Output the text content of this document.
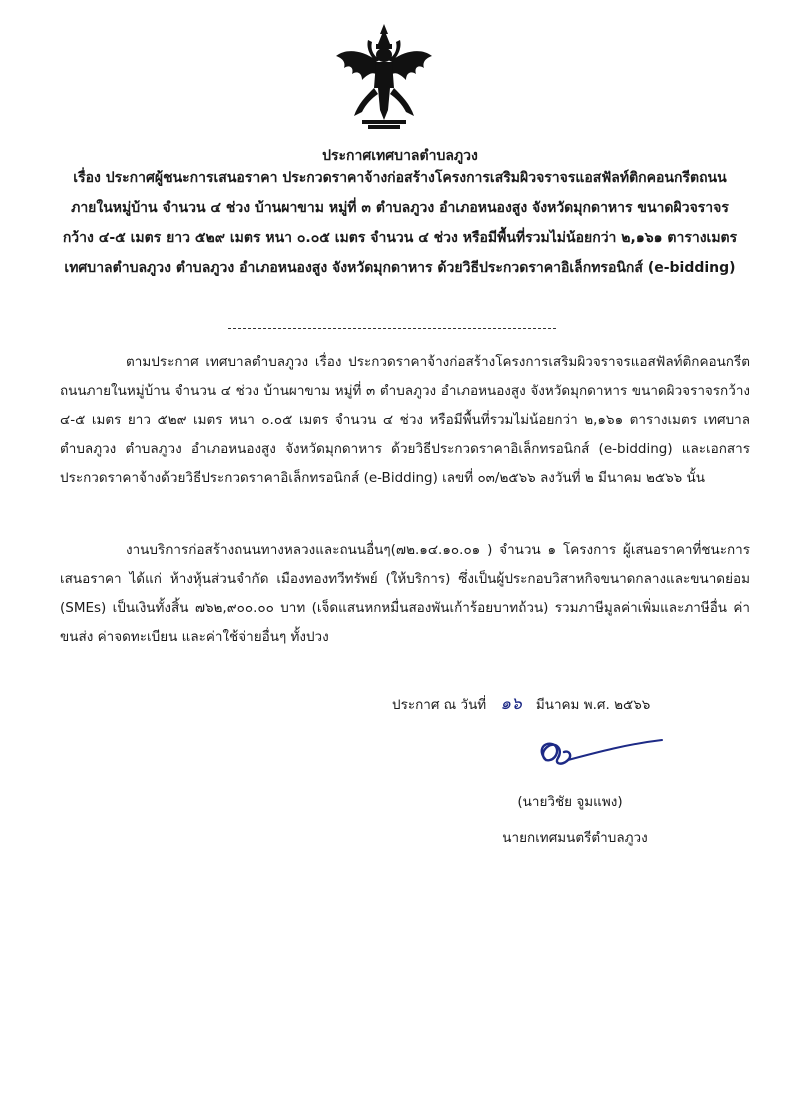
ประกาศเทศบาลตำบลภูวง
เรื่อง ประกาศผู้ชนะการเสนอราคา ประกวดราคาจ้างก่อสร้างโครงการเสริมผิวจราจรแอสฟัลท์ติกคอนกรีตถนนภายในหมู่บ้าน จำนวน ๔ ช่วง บ้านผาขาม หมู่ที่ ๓ ตำบลภูวง อำเภอหนองสูง จังหวัดมุกดาหาร ขนาดผิวจราจรกว้าง ๔-๕ เมตร ยาว ๕๒๙ เมตร หนา ๐.๐๕ เมตร จำนวน ๔ ช่วง หรือมีพื้นที่รวมไม่น้อยกว่า ๒,๑๖๑ ตารางเมตร เทศบาลตำบลภูวง ตำบลภูวง อำเภอหนองสูง จังหวัดมุกดาหาร ด้วยวิธีประกวดราคาอิเล็กทรอนิกส์ (e-bidding)
ตามประกาศ เทศบาลตำบลภูวง เรื่อง ประกวดราคาจ้างก่อสร้างโครงการเสริมผิวจราจรแอสฟัลท์ติกคอนกรีตถนนภายในหมู่บ้าน จำนวน ๔ ช่วง บ้านผาขาม หมู่ที่ ๓ ตำบลภูวง อำเภอหนองสูง จังหวัดมุกดาหาร ขนาดผิวจราจรกว้าง ๔-๕ เมตร ยาว ๕๒๙ เมตร หนา ๐.๐๕ เมตร จำนวน ๔ ช่วง หรือมีพื้นที่รวมไม่น้อยกว่า ๒,๑๖๑ ตารางเมตร เทศบาลตำบลภูวง ตำบลภูวง อำเภอหนองสูง จังหวัดมุกดาหาร ด้วยวิธีประกวดราคาอิเล็กทรอนิกส์ (e-bidding) และเอกสารประกวดราคาจ้างด้วยวิธีประกวดราคาอิเล็กทรอนิกส์ (e-Bidding) เลขที่ ๐๓/๒๕๖๖ ลงวันที่ ๒ มีนาคม ๒๕๖๖ นั้น
งานบริการก่อสร้างถนนทางหลวงและถนนอื่นๆ(๗๒.๑๔.๑๐.๐๑ ) จำนวน ๑ โครงการ ผู้เสนอราคาที่ชนะการเสนอราคา ได้แก่ ห้างหุ้นส่วนจำกัด เมืองทองทวีทรัพย์ (ให้บริการ) ซึ่งเป็นผู้ประกอบวิสาหกิจขนาดกลางและขนาดย่อม (SMEs) เป็นเงินทั้งสิ้น ๗๖๒,๙๐๐.๐๐ บาท (เจ็ดแสนหกหมื่นสองพันเก้าร้อยบาทถ้วน) รวมภาษีมูลค่าเพิ่มและภาษีอื่น ค่าขนส่ง ค่าจดทะเบียน และค่าใช้จ่ายอื่นๆ ทั้งปวง
ประกาศ ณ วันที่ ๑๖ มีนาคม พ.ศ. ๒๕๖๖
(นายวิชัย จูมแพง)
นายกเทศมนตรีตำบลภูวง
